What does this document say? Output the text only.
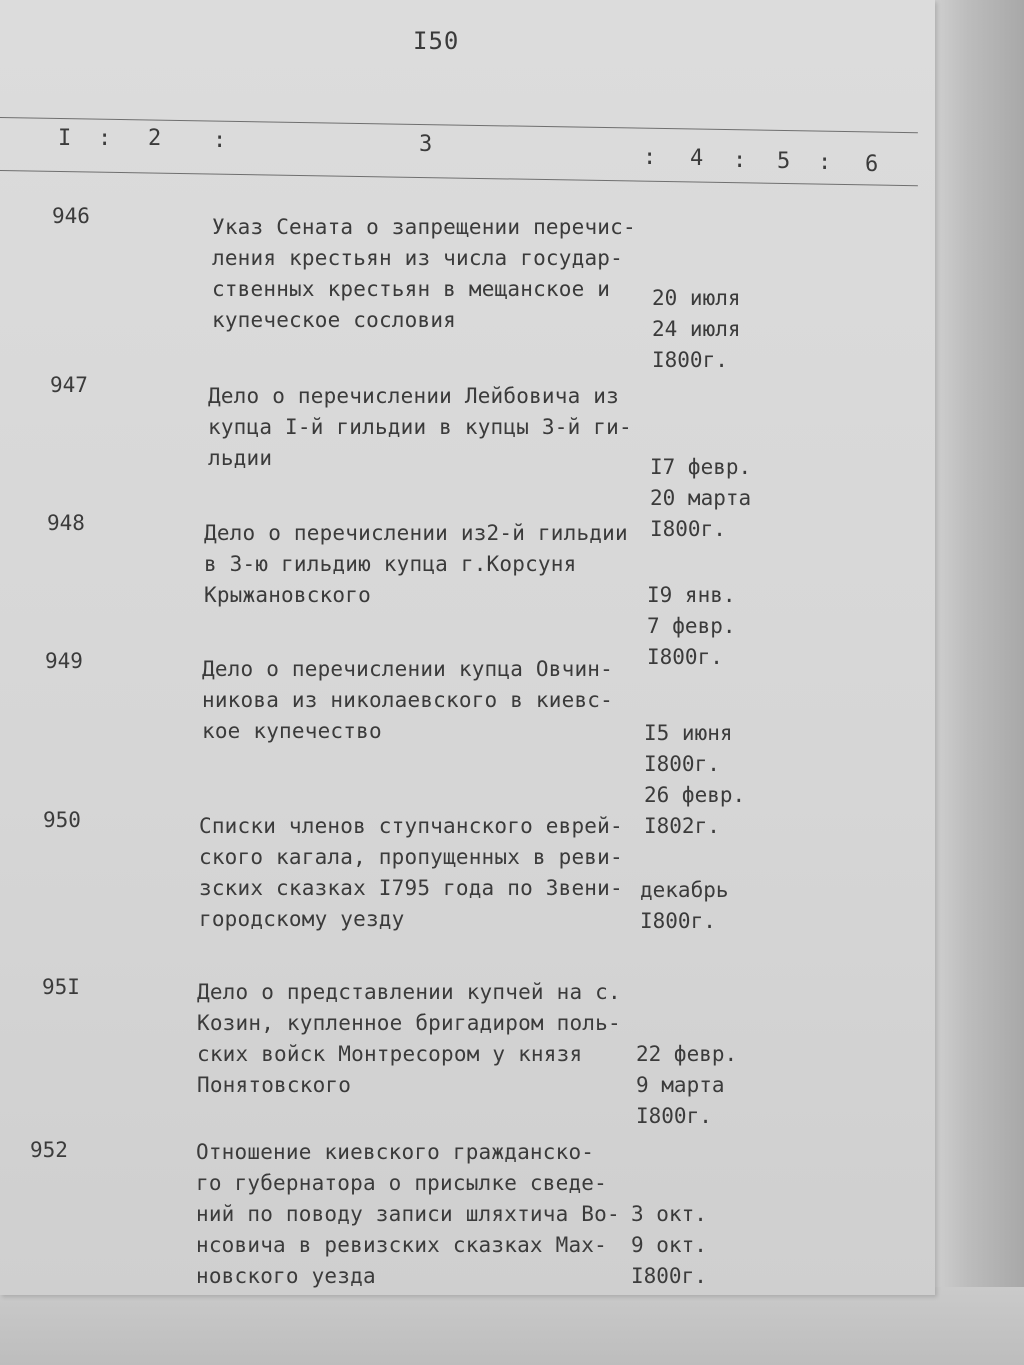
I50
I : 2 :	3
: 4 : 5 : 6
946	Указ Сената о запрещении перечис-
ления крестьян из числа государ-
ственных крестьян в мещанское и
купеческое сословия

20 июля
24 июля
I800г.

947	Дело о перечислении Лейбовича из
купца I-й гильдии в купцы 3-й ги-
льдии

	I7 февр.
20 марта
I800г.

948	Дело о перечислении из2-й гильдии
в 3-ю гильдию купца г.Корсуня
Крыжановского

	I9 янв.
7 февр.
I800г.

949	Дело о перечислении купца Овчин-
никова из николаевского в киевс-
кое купечество

	I5 июня
I800г.
26 февр.
I802г.

950	Списки членов ступчанского еврей-
ского кагала, пропущенных в реви-
зских сказках I795 года по Звени-
городскому уезду

декабрь
I800г.

95I	Дело о представлении купчей на с.
Козин, купленное бригадиром поль-
ских войск Монтресором у князя
Понятовского

22 февр.
9 марта
I800г.

952	Отношение киевского гражданско-
го губернатора о присылке сведе-
ний по поводу записи шляхтича Во-
нсовича в ревизских сказках Мах-
новского уезда

3 окт.
9 окт.
I800г.
